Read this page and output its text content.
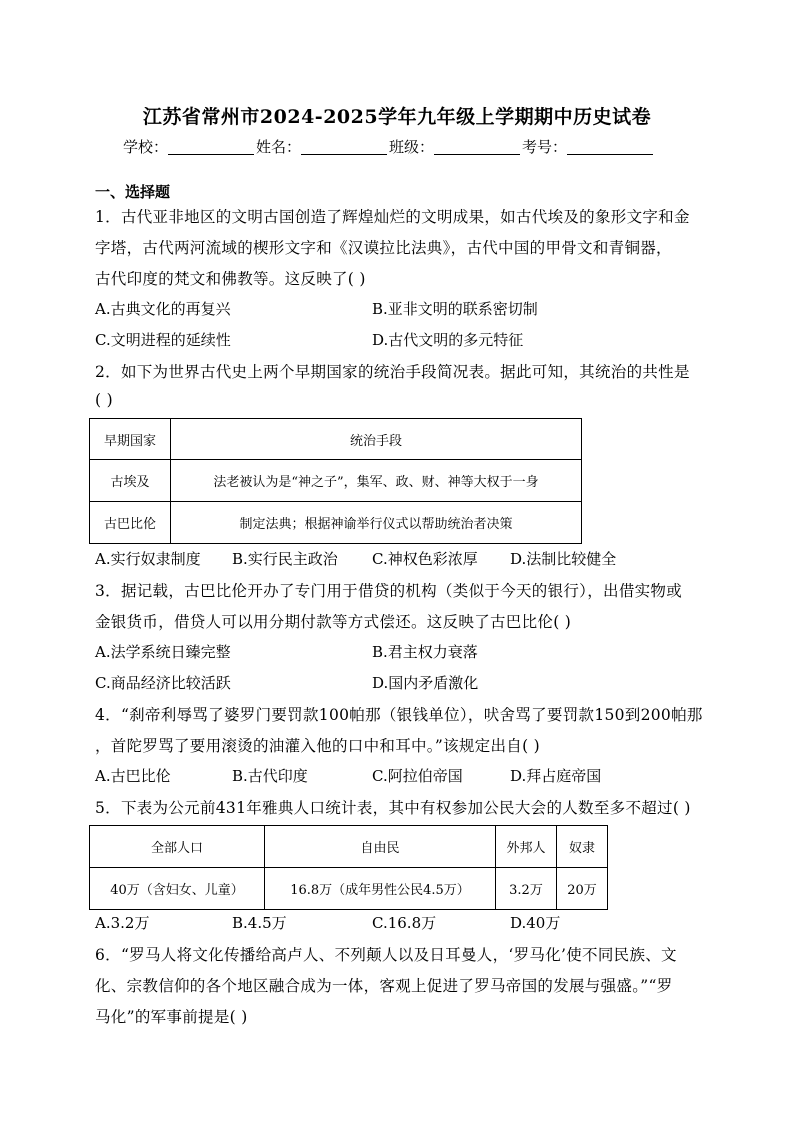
江苏省常州市2024-2025学年九年级上学期期中历史试卷
学校：	姓名：	班级：	考号：
一、选择题
1．古代亚非地区的文明古国创造了辉煌灿烂的文明成果，如古代埃及的象形文字和金
字塔，古代两河流域的楔形文字和《汉谟拉比法典》，古代中国的甲骨文和青铜器，
古代印度的梵文和佛教等。这反映了( )
A.古典文化的再复兴	B.亚非文明的联系密切制
C.文明进程的延续性	D.古代文明的多元特征
2．如下为世界古代史上两个早期国家的统治手段简况表。据此可知，其统治的共性是
( )
早期国家	统治手段
古埃及	法老被认为是“神之子”，集军、政、财、神等大权于一身
古巴比伦	制定法典；根据神谕举行仪式以帮助统治者决策
A.实行奴隶制度 B.实行民主政治 C.神权色彩浓厚 D.法制比较健全
3．据记载，古巴比伦开办了专门用于借贷的机构（类似于今天的银行），出借实物或
金银货币，借贷人可以用分期付款等方式偿还。这反映了古巴比伦( )
A.法学系统日臻完整	B.君主权力衰落
C.商品经济比较活跃	D.国内矛盾激化
4．“刹帝利辱骂了婆罗门要罚款100帕那（银钱单位），吠舍骂了要罚款150到200帕那
，首陀罗骂了要用滚烫的油灌入他的口中和耳中。”该规定出自( )
A.古巴比伦	B.古代印度	C.阿拉伯帝国	D.拜占庭帝国
5．下表为公元前431年雅典人口统计表，其中有权参加公民大会的人数至多不超过( )
全部人口	自由民	外邦人	奴隶
40万（含妇女、儿童）	16.8万（成年男性公民4.5万）	3.2万	20万
A.3.2万	B.4.5万	C.16.8万	D.40万
6．“罗马人将文化传播给高卢人、不列颠人以及日耳曼人，‘罗马化’使不同民族、文
化、宗教信仰的各个地区融合成为一体，客观上促进了罗马帝国的发展与强盛。”“罗
马化”的军事前提是( )
